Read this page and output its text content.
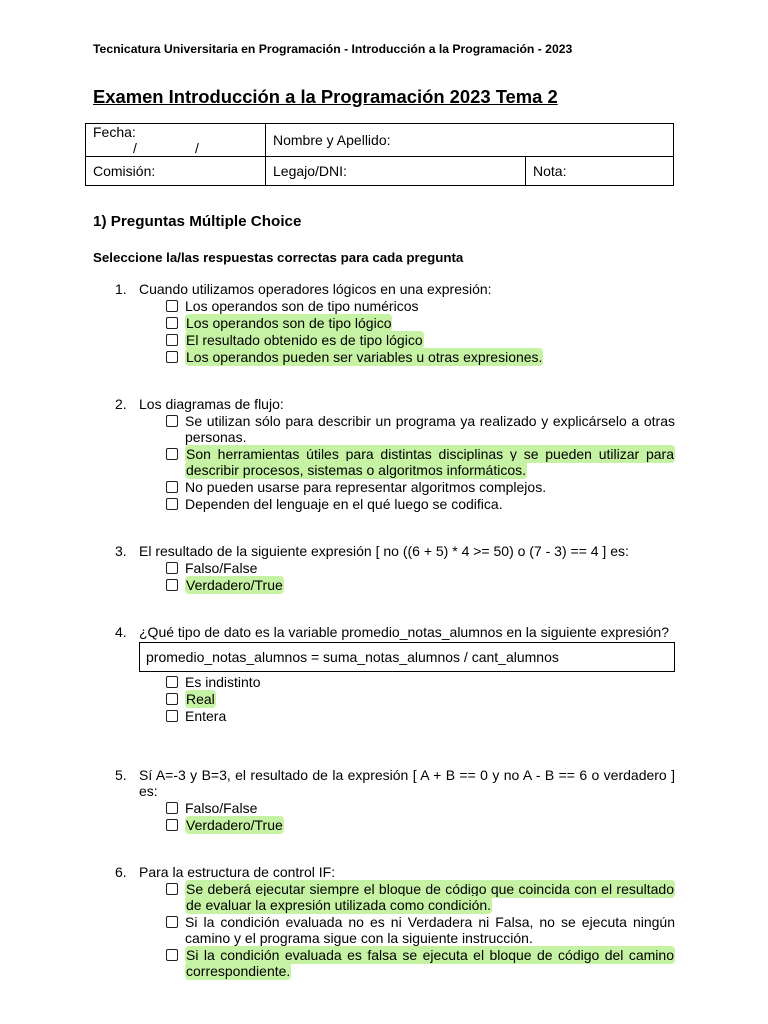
Tecnicatura Universitaria en Programación - Introducción a la Programación - 2023
Examen Introducción a la Programación 2023 Tema 2
Fecha: / /	Nombre y Apellido:	
Comisión:	Legajo/DNI:	Nota:
1) Preguntas Múltiple Choice
Seleccione la/las respuestas correctas para cada pregunta
1. Cuando utilizamos operadores lógicos en una expresión:
Los operandos son de tipo numéricos
Los operandos son de tipo lógico
El resultado obtenido es de tipo lógico
Los operandos pueden ser variables u otras expresiones.
2. Los diagramas de flujo:
Se utilizan sólo para describir un programa ya realizado y explicárselo a otras personas.
Son herramientas útiles para distintas disciplinas y se pueden utilizar para describir procesos, sistemas o algoritmos informáticos.
No pueden usarse para representar algoritmos complejos.
Dependen del lenguaje en el qué luego se codifica.
3. El resultado de la siguiente expresión [ no ((6 + 5) * 4 >= 50) o (7 - 3) == 4 ] es:
Falso/False
Verdadero/True
4. ¿Qué tipo de dato es la variable promedio_notas_alumnos en la siguiente expresión?
promedio_notas_alumnos = suma_notas_alumnos / cant_alumnos
Es indistinto
Real
Entera
5. Sí A=-3 y B=3, el resultado de la expresión [ A + B == 0 y no A - B == 6 o verdadero ] es:
Falso/False
Verdadero/True
6. Para la estructura de control IF:
Se deberá ejecutar siempre el bloque de código que coincida con el resultado de evaluar la expresión utilizada como condición.
Si la condición evaluada no es ni Verdadera ni Falsa, no se ejecuta ningún camino y el programa sigue con la siguiente instrucción.
Si la condición evaluada es falsa se ejecuta el bloque de código del camino correspondiente.
